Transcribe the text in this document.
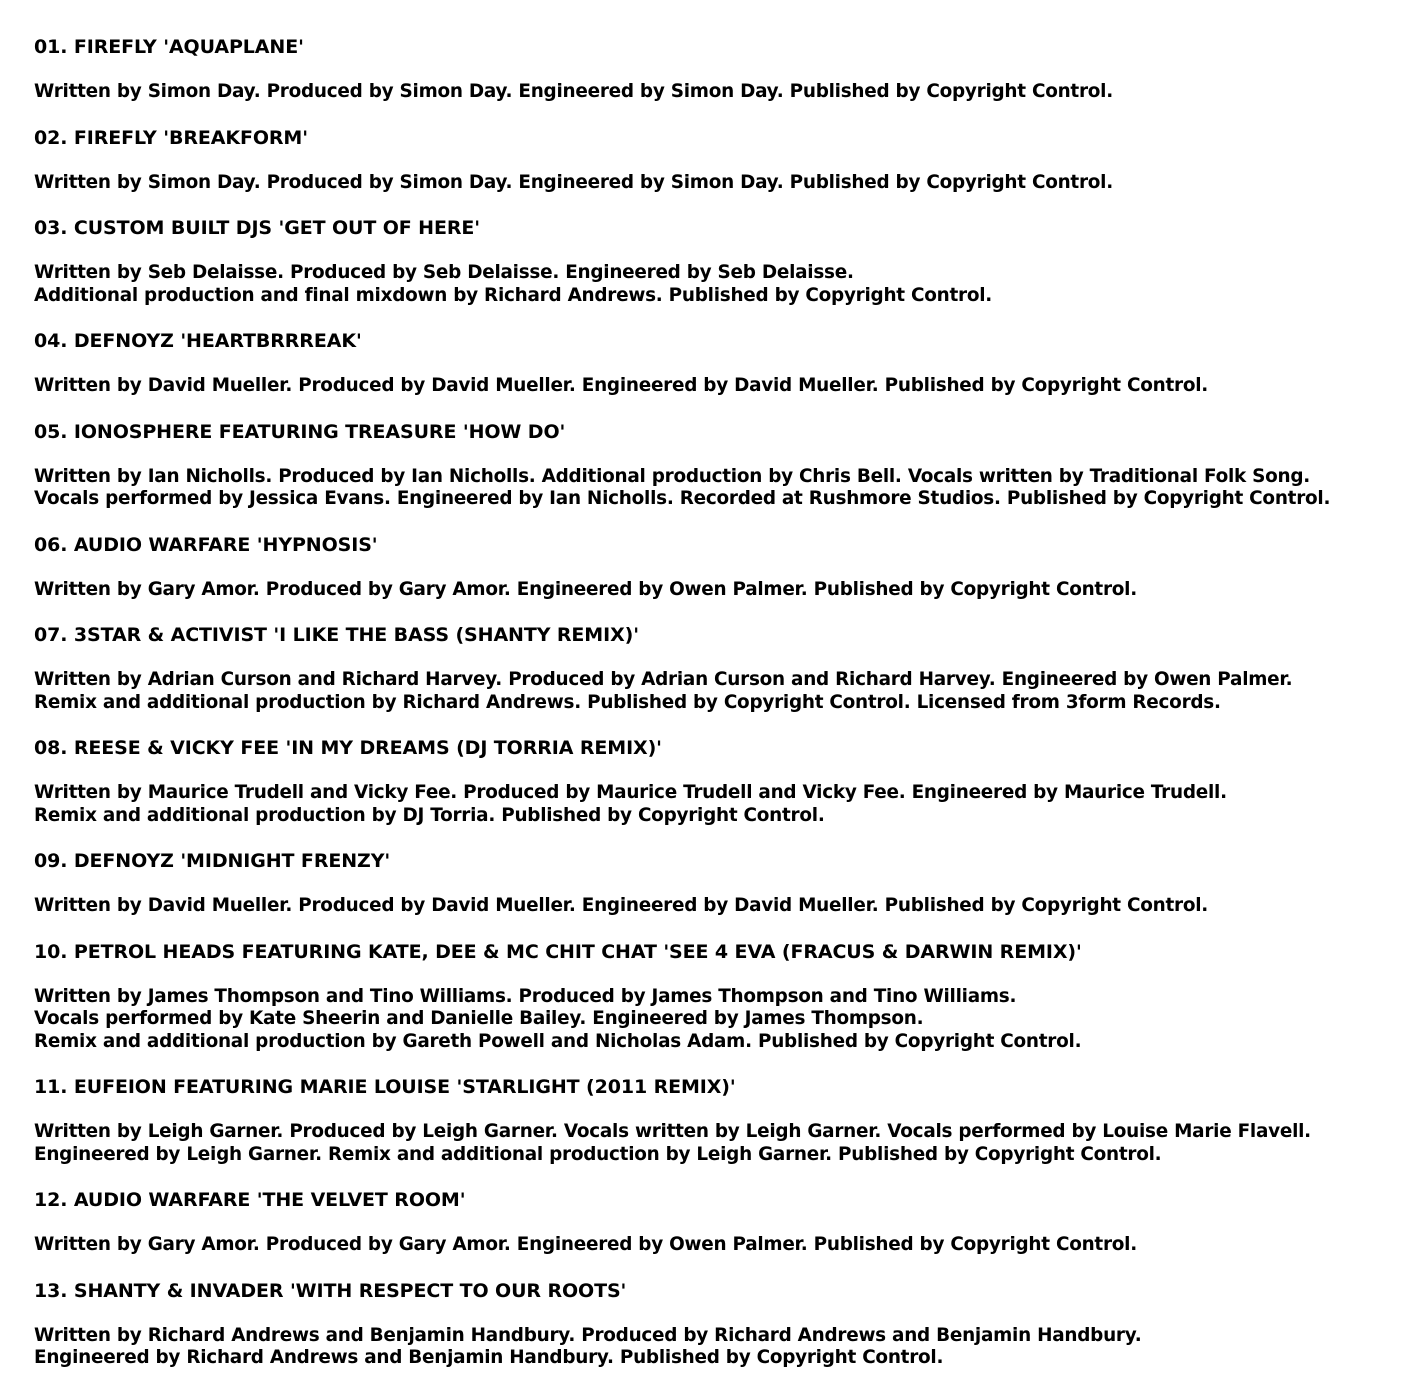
01. FIREFLY 'AQUAPLANE'
Written by Simon Day. Produced by Simon Day. Engineered by Simon Day. Published by Copyright Control.
02. FIREFLY 'BREAKFORM'
Written by Simon Day. Produced by Simon Day. Engineered by Simon Day. Published by Copyright Control.
03. CUSTOM BUILT DJS 'GET OUT OF HERE'
Written by Seb Delaisse. Produced by Seb Delaisse. Engineered by Seb Delaisse.
Additional production and final mixdown by Richard Andrews. Published by Copyright Control.
04. DEFNOYZ 'HEARTBRRREAK'
Written by David Mueller. Produced by David Mueller. Engineered by David Mueller. Published by Copyright Control.
05. IONOSPHERE FEATURING TREASURE 'HOW DO'
Written by Ian Nicholls. Produced by Ian Nicholls. Additional production by Chris Bell. Vocals written by Traditional Folk Song.
Vocals performed by Jessica Evans. Engineered by Ian Nicholls. Recorded at Rushmore Studios. Published by Copyright Control.
06. AUDIO WARFARE 'HYPNOSIS'
Written by Gary Amor. Produced by Gary Amor. Engineered by Owen Palmer. Published by Copyright Control.
07. 3STAR & ACTIVIST 'I LIKE THE BASS (SHANTY REMIX)'
Written by Adrian Curson and Richard Harvey. Produced by Adrian Curson and Richard Harvey. Engineered by Owen Palmer.
Remix and additional production by Richard Andrews. Published by Copyright Control. Licensed from 3form Records.
08. REESE & VICKY FEE 'IN MY DREAMS (DJ TORRIA REMIX)'
Written by Maurice Trudell and Vicky Fee. Produced by Maurice Trudell and Vicky Fee. Engineered by Maurice Trudell.
Remix and additional production by DJ Torria. Published by Copyright Control.
09. DEFNOYZ 'MIDNIGHT FRENZY'
Written by David Mueller. Produced by David Mueller. Engineered by David Mueller. Published by Copyright Control.
10. PETROL HEADS FEATURING KATE, DEE & MC CHIT CHAT 'SEE 4 EVA (FRACUS & DARWIN REMIX)'
Written by James Thompson and Tino Williams. Produced by James Thompson and Tino Williams.
Vocals performed by Kate Sheerin and Danielle Bailey. Engineered by James Thompson.
Remix and additional production by Gareth Powell and Nicholas Adam. Published by Copyright Control.
11. EUFEION FEATURING MARIE LOUISE 'STARLIGHT (2011 REMIX)'
Written by Leigh Garner. Produced by Leigh Garner. Vocals written by Leigh Garner. Vocals performed by Louise Marie Flavell.
Engineered by Leigh Garner. Remix and additional production by Leigh Garner. Published by Copyright Control.
12. AUDIO WARFARE 'THE VELVET ROOM'
Written by Gary Amor. Produced by Gary Amor. Engineered by Owen Palmer. Published by Copyright Control.
13. SHANTY & INVADER 'WITH RESPECT TO OUR ROOTS'
Written by Richard Andrews and Benjamin Handbury. Produced by Richard Andrews and Benjamin Handbury.
Engineered by Richard Andrews and Benjamin Handbury. Published by Copyright Control.
